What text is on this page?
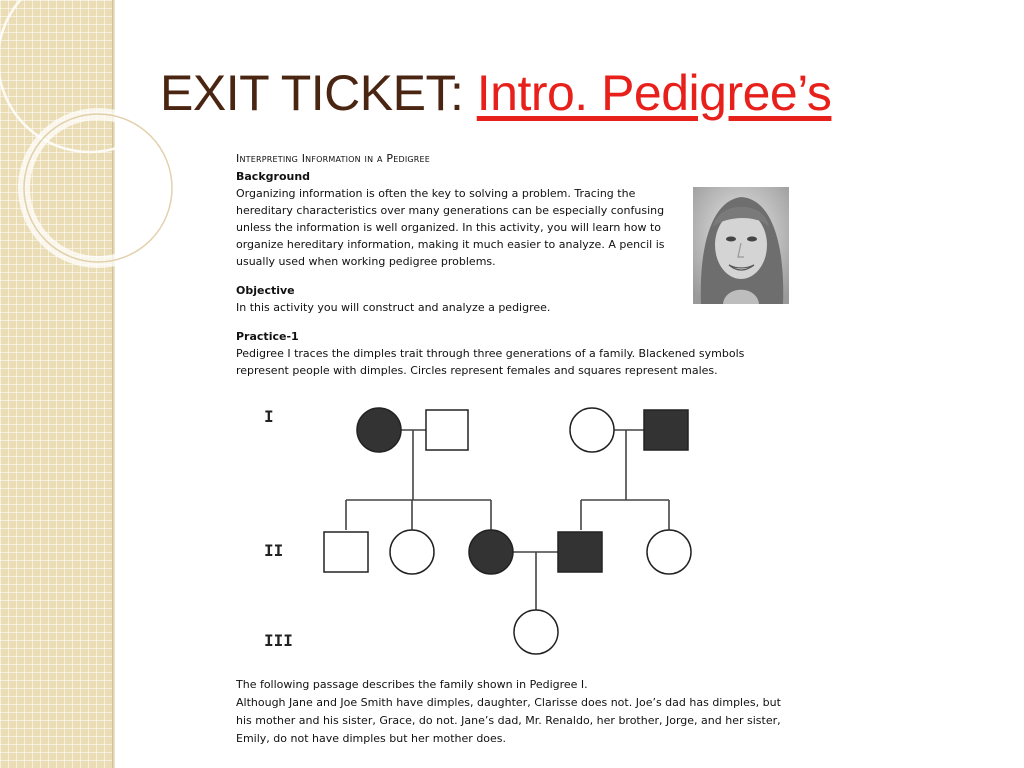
EXIT TICKET: Intro. Pedigree’s

Interpreting Information in a Pedigree

Background

Organizing information is often the key to solving a problem. Tracing the

hereditary characteristics over many generations can be especially confusing

unless the information is well organized. In this activity, you will learn how to

organize hereditary information, making it much easier to analyze. A pencil is

usually used when working pedigree problems.

Objective

In this activity you will construct and analyze a pedigree.

Practice-1

Pedigree I traces the dimples trait through three generations of a family. Blackened symbols

represent people with dimples. Circles represent females and squares represent males.

I
II
III

The following passage describes the family shown in Pedigree I.

Although Jane and Joe Smith have dimples, daughter, Clarisse does not. Joe’s dad has dimples, but

his mother and his sister, Grace, do not. Jane’s dad, Mr. Renaldo, her brother, Jorge, and her sister,

Emily, do not have dimples but her mother does.
